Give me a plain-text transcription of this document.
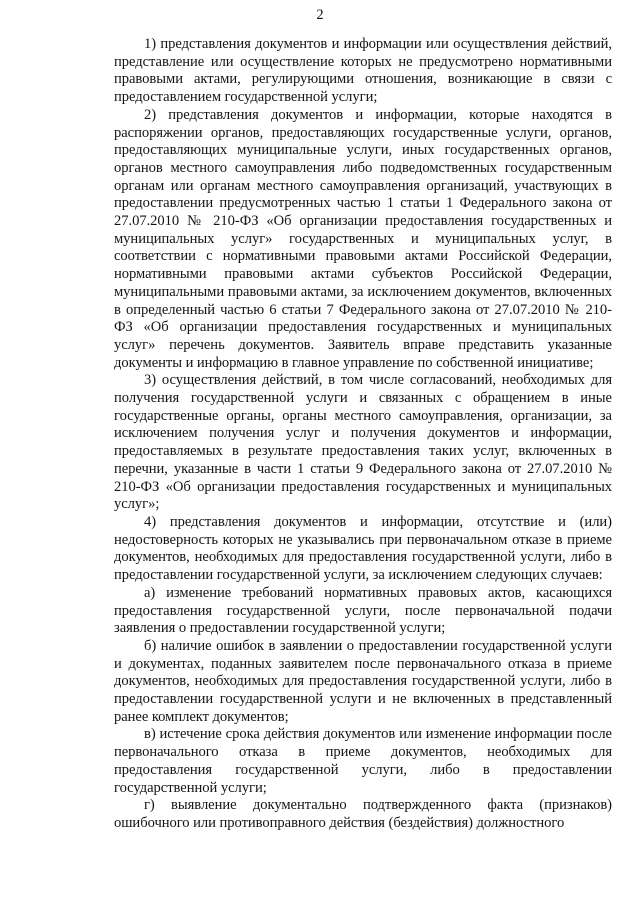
2

1) представления документов и информации или осуществления действий, представление или осуществление которых не предусмотрено нормативными правовыми актами, регулирующими отношения, возникающие в связи с предоставлением государственной услуги;

2) представления документов и информации, которые находятся в распоряжении органов, предоставляющих государственные услуги, органов, предоставляющих муниципальные услуги, иных государственных органов, органов местного самоуправления либо подведомственных государственным органам или органам местного самоуправления организаций, участвующих в предоставлении предусмотренных частью 1 статьи 1 Федерального закона от 27.07.2010 № 210-ФЗ «Об организации предоставления государственных и муниципальных услуг» государственных и муниципальных услуг, в соответствии с нормативными правовыми актами Российской Федерации, нормативными правовыми актами субъектов Российской Федерации, муниципальными правовыми актами, за исключением документов, включенных в определенный частью 6 статьи 7 Федерального закона от 27.07.2010 № 210-ФЗ «Об организации предоставления государственных и муниципальных услуг» перечень документов. Заявитель вправе представить указанные документы и информацию в главное управление по собственной инициативе;

3) осуществления действий, в том числе согласований, необходимых для получения государственной услуги и связанных с обращением в иные государственные органы, органы местного самоуправления, организации, за исключением получения услуг и получения документов и информации, предоставляемых в результате предоставления таких услуг, включенных в перечни, указанные в части 1 статьи 9 Федерального закона от 27.07.2010 № 210-ФЗ «Об организации предоставления государственных и муниципальных услуг»;

4) представления документов и информации, отсутствие и (или) недостоверность которых не указывались при первоначальном отказе в приеме документов, необходимых для предоставления государственной услуги, либо в предоставлении государственной услуги, за исключением следующих случаев:

а) изменение требований нормативных правовых актов, касающихся предоставления государственной услуги, после первоначальной подачи заявления о предоставлении государственной услуги;

б) наличие ошибок в заявлении о предоставлении государственной услуги и документах, поданных заявителем после первоначального отказа в приеме документов, необходимых для предоставления государственной услуги, либо в предоставлении государственной услуги и не включенных в представленный ранее комплект документов;

в) истечение срока действия документов или изменение информации после первоначального отказа в приеме документов, необходимых для предоставления государственной услуги, либо в предоставлении государственной услуги;

г) выявление документально подтвержденного факта (признаков) ошибочного или противоправного действия (бездействия) должностного
